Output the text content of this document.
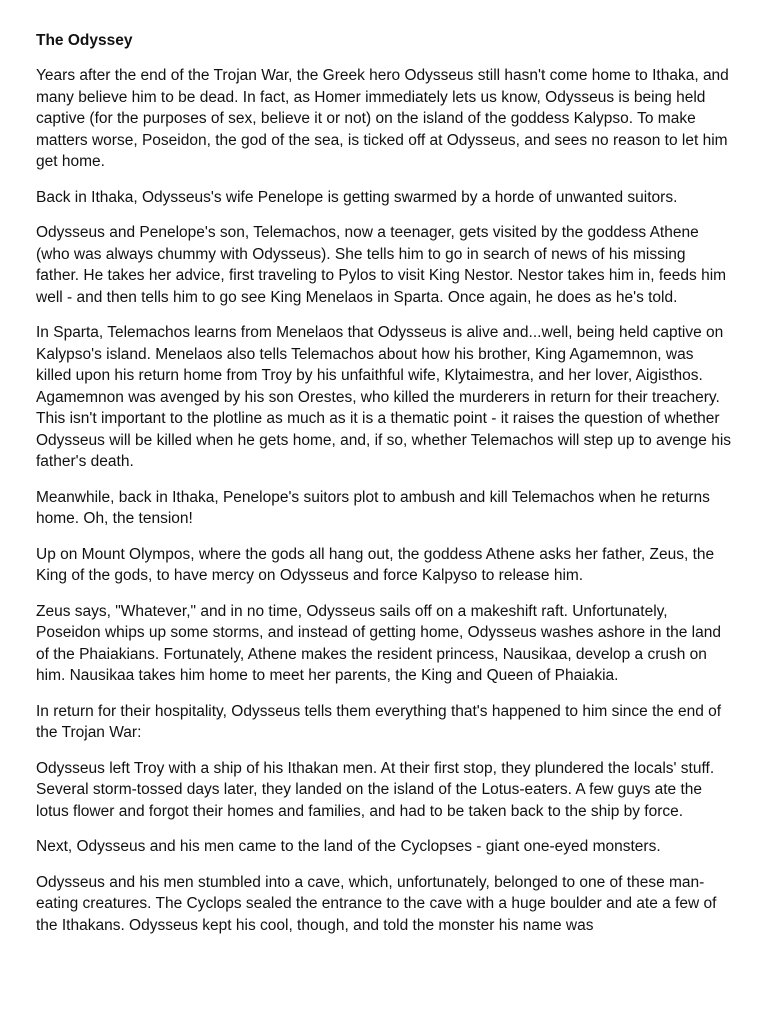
The Odyssey

Years after the end of the Trojan War, the Greek hero Odysseus still hasn't come home to Ithaka, and many believe him to be dead. In fact, as Homer immediately lets us know, Odysseus is being held captive (for the purposes of sex, believe it or not) on the island of the goddess Kalypso. To make matters worse, Poseidon, the god of the sea, is ticked off at Odysseus, and sees no reason to let him get home.

Back in Ithaka, Odysseus's wife Penelope is getting swarmed by a horde of unwanted suitors.

Odysseus and Penelope's son, Telemachos, now a teenager, gets visited by the goddess Athene (who was always chummy with Odysseus). She tells him to go in search of news of his missing father. He takes her advice, first traveling to Pylos to visit King Nestor. Nestor takes him in, feeds him well - and then tells him to go see King Menelaos in Sparta. Once again, he does as he's told.

In Sparta, Telemachos learns from Menelaos that Odysseus is alive and...well, being held captive on Kalypso's island. Menelaos also tells Telemachos about how his brother, King Agamemnon, was killed upon his return home from Troy by his unfaithful wife, Klytaimestra, and her lover, Aigisthos. Agamemnon was avenged by his son Orestes, who killed the murderers in return for their treachery. This isn't important to the plotline as much as it is a thematic point - it raises the question of whether Odysseus will be killed when he gets home, and, if so, whether Telemachos will step up to avenge his father's death.

Meanwhile, back in Ithaka, Penelope's suitors plot to ambush and kill Telemachos when he returns home. Oh, the tension!

Up on Mount Olympos, where the gods all hang out, the goddess Athene asks her father, Zeus, the King of the gods, to have mercy on Odysseus and force Kalpyso to release him.

Zeus says, "Whatever," and in no time, Odysseus sails off on a makeshift raft. Unfortunately, Poseidon whips up some storms, and instead of getting home, Odysseus washes ashore in the land of the Phaiakians. Fortunately, Athene makes the resident princess, Nausikaa, develop a crush on him. Nausikaa takes him home to meet her parents, the King and Queen of Phaiakia.

In return for their hospitality, Odysseus tells them everything that's happened to him since the end of the Trojan War:

Odysseus left Troy with a ship of his Ithakan men. At their first stop, they plundered the locals' stuff. Several storm-tossed days later, they landed on the island of the Lotus-eaters. A few guys ate the lotus flower and forgot their homes and families, and had to be taken back to the ship by force.

Next, Odysseus and his men came to the land of the Cyclopses - giant one-eyed monsters.

Odysseus and his men stumbled into a cave, which, unfortunately, belonged to one of these man-eating creatures. The Cyclops sealed the entrance to the cave with a huge boulder and ate a few of the Ithakans. Odysseus kept his cool, though, and told the monster his name was
